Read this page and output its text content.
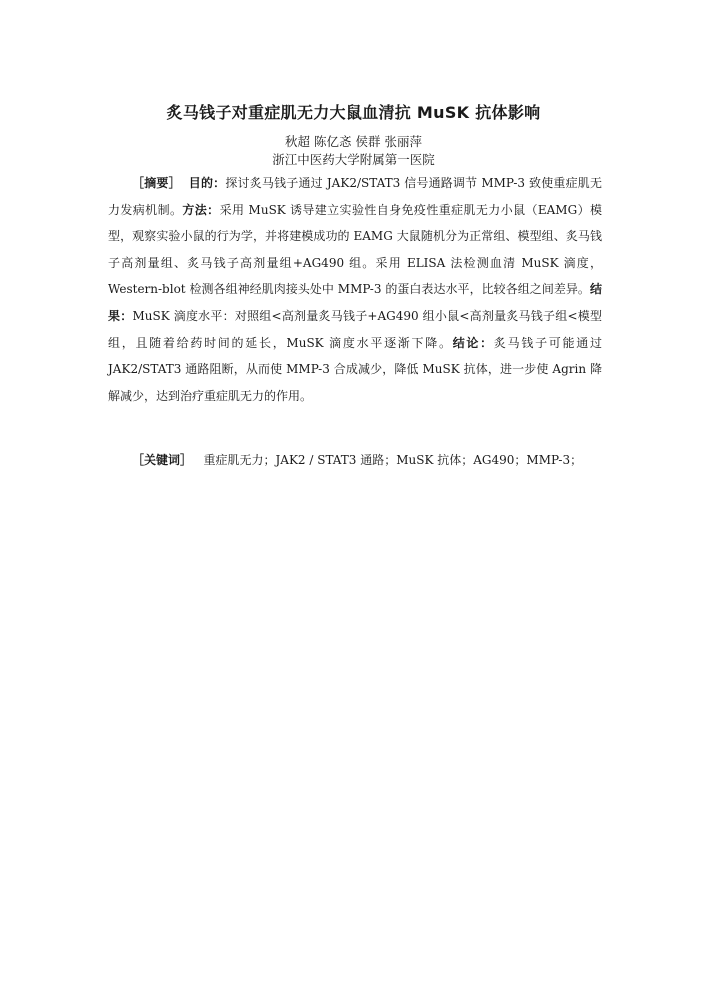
炙马钱子对重症肌无力大鼠血清抗 MuSK 抗体影响
秋超 陈亿忞 侯群 张丽萍
浙江中医药大学附属第一医院

［摘要］ 目的：探讨炙马钱子通过 JAK2/STAT3 信号通路调节 MMP-3 致使重症肌无力发病机制。方法：采用 MuSK 诱导建立实验性自身免疫性重症肌无力小鼠（EAMG）模型，观察实验小鼠的行为学，并将建模成功的 EAMG 大鼠随机分为正常组、模型组、炙马钱子高剂量组、炙马钱子高剂量组+AG490 组。采用 ELISA 法检测血清 MuSK 滴度，Western-blot 检测各组神经肌肉接头处中 MMP-3 的蛋白表达水平，比较各组之间差异。结果：MuSK 滴度水平：对照组<高剂量炙马钱子+AG490 组小鼠<高剂量炙马钱子组<模型组，且随着给药时间的延长，MuSK 滴度水平逐渐下降。结论：炙马钱子可能通过 JAK2/STAT3 通路阻断，从而使 MMP-3 合成减少，降低 MuSK 抗体，进一步使 Agrin 降解减少，达到治疗重症肌无力的作用。

［关键词］ 重症肌无力；JAK2 / STAT3 通路；MuSK 抗体；AG490；MMP-3；
